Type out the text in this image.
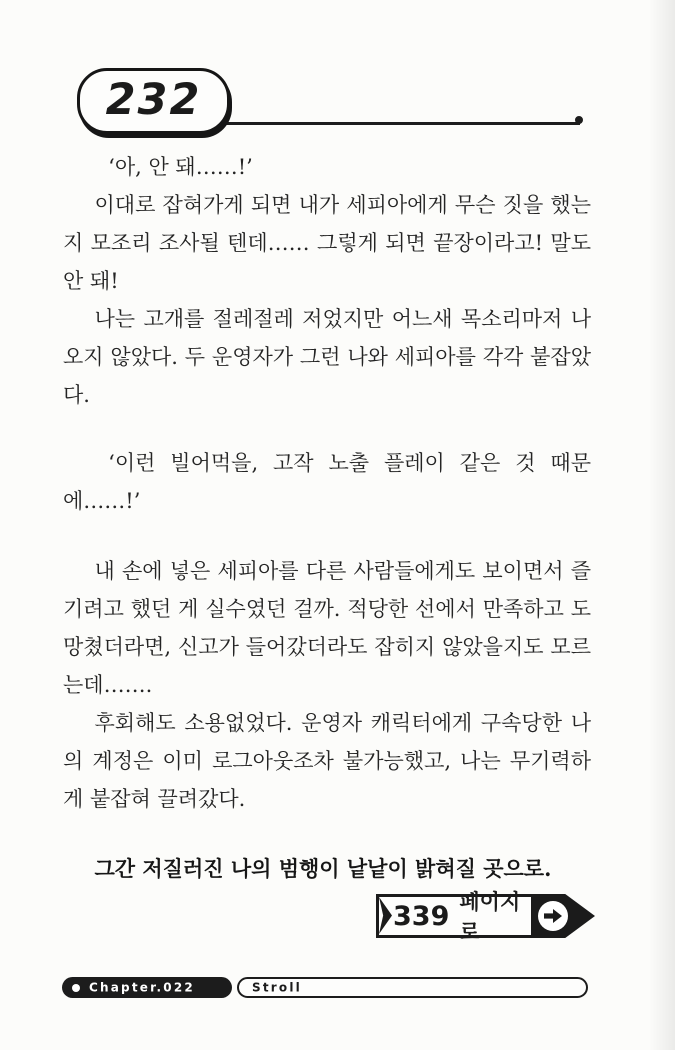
232

‘아, 안 돼……!’

이대로 잡혀가게 되면 내가 세피아에게 무슨 짓을 했는지 모조리 조사될 텐데…… 그렇게 되면 끝장이라고! 말도 안 돼!

나는 고개를 절레절레 저었지만 어느새 목소리마저 나오지 않았다. 두 운영자가 그런 나와 세피아를 각각 붙잡았다.

‘이런 빌어먹을, 고작 노출 플레이 같은 것 때문에……!’

내 손에 넣은 세피아를 다른 사람들에게도 보이면서 즐기려고 했던 게 실수였던 걸까. 적당한 선에서 만족하고 도망쳤더라면, 신고가 들어갔더라도 잡히지 않았을지도 모르는데…….

후회해도 소용없었다. 운영자 캐릭터에게 구속당한 나의 계정은 이미 로그아웃조차 불가능했고, 나는 무기력하게 붙잡혀 끌려갔다.

그간 저질러진 나의 범행이 낱낱이 밝혀질 곳으로.

339 페이지로
Chapter.022	Stroll
